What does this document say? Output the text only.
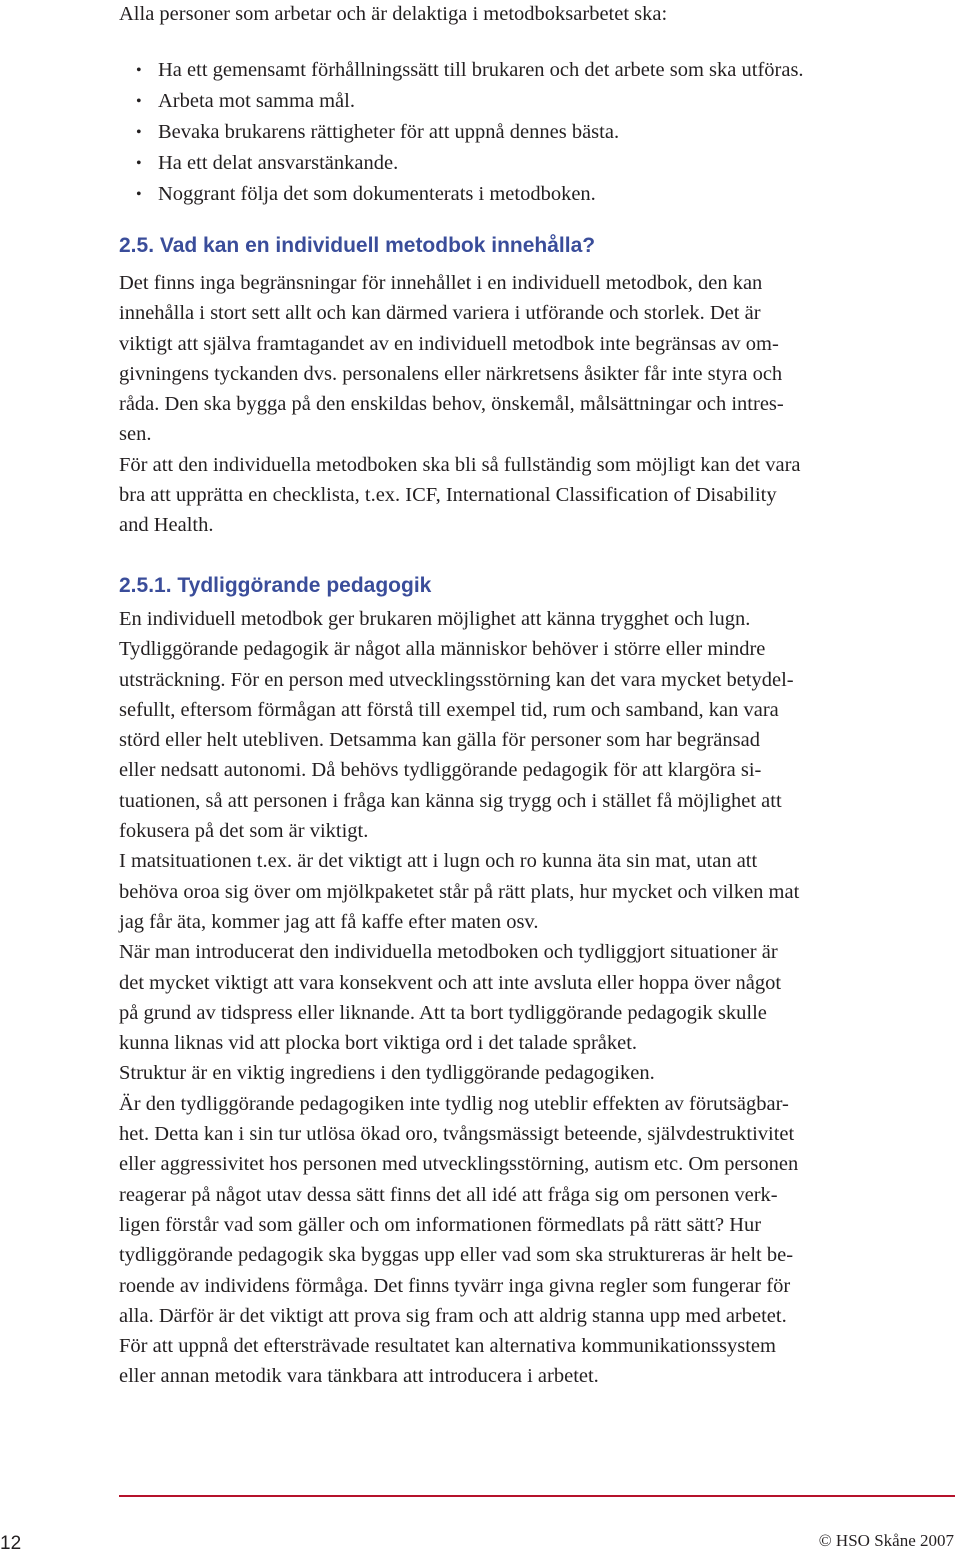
Alla personer som arbetar och är delaktiga i metodboksarbetet ska:
• Ha ett gemensamt förhållningssätt till brukaren och det arbete som ska utföras.
• Arbeta mot samma mål.
• Bevaka brukarens rättigheter för att uppnå dennes bästa.
• Ha ett delat ansvarstänkande.
• Noggrant följa det som dokumenterats i metodboken.
2.5. Vad kan en individuell metodbok innehålla?
Det finns inga begränsningar för innehållet i en individuell metodbok, den kan
innehålla i stort sett allt och kan därmed variera i utförande och storlek. Det är
viktigt att själva framtagandet av en individuell metodbok inte begränsas av om-
givningens tyckanden dvs. personalens eller närkretsens åsikter får inte styra och
råda. Den ska bygga på den enskildas behov, önskemål, målsättningar och intres-
sen.
För att den individuella metodboken ska bli så fullständig som möjligt kan det vara
bra att upprätta en checklista, t.ex. ICF, International Classification of Disability
and Health.
2.5.1. Tydliggörande pedagogik
En individuell metodbok ger brukaren möjlighet att känna trygghet och lugn.
Tydliggörande pedagogik är något alla människor behöver i större eller mindre
utsträckning. För en person med utvecklingsstörning kan det vara mycket betydel-
sefullt, eftersom förmågan att förstå till exempel tid, rum och samband, kan vara
störd eller helt utebliven. Detsamma kan gälla för personer som har begränsad
eller nedsatt autonomi. Då behövs tydliggörande pedagogik för att klargöra si-
tuationen, så att personen i fråga kan känna sig trygg och i stället få möjlighet att
fokusera på det som är viktigt.
I matsituationen t.ex. är det viktigt att i lugn och ro kunna äta sin mat, utan att
behöva oroa sig över om mjölkpaketet står på rätt plats, hur mycket och vilken mat
jag får äta, kommer jag att få kaffe efter maten osv.
När man introducerat den individuella metodboken och tydliggjort situationer är
det mycket viktigt att vara konsekvent och att inte avsluta eller hoppa över något
på grund av tidspress eller liknande. Att ta bort tydliggörande pedagogik skulle
kunna liknas vid att plocka bort viktiga ord i det talade språket.
Struktur är en viktig ingrediens i den tydliggörande pedagogiken.
Är den tydliggörande pedagogiken inte tydlig nog uteblir effekten av förutsägbar-
het. Detta kan i sin tur utlösa ökad oro, tvångsmässigt beteende, självdestruktivitet
eller aggressivitet hos personen med utvecklingsstörning, autism etc. Om personen
reagerar på något utav dessa sätt finns det all idé att fråga sig om personen verk-
ligen förstår vad som gäller och om informationen förmedlats på rätt sätt? Hur
tydliggörande pedagogik ska byggas upp eller vad som ska struktureras är helt be-
roende av individens förmåga. Det finns tyvärr inga givna regler som fungerar för
alla. Därför är det viktigt att prova sig fram och att aldrig stanna upp med arbetet.
För att uppnå det eftersträvade resultatet kan alternativa kommunikationssystem
eller annan metodik vara tänkbara att introducera i arbetet.
© HSO Skåne 2007
12
